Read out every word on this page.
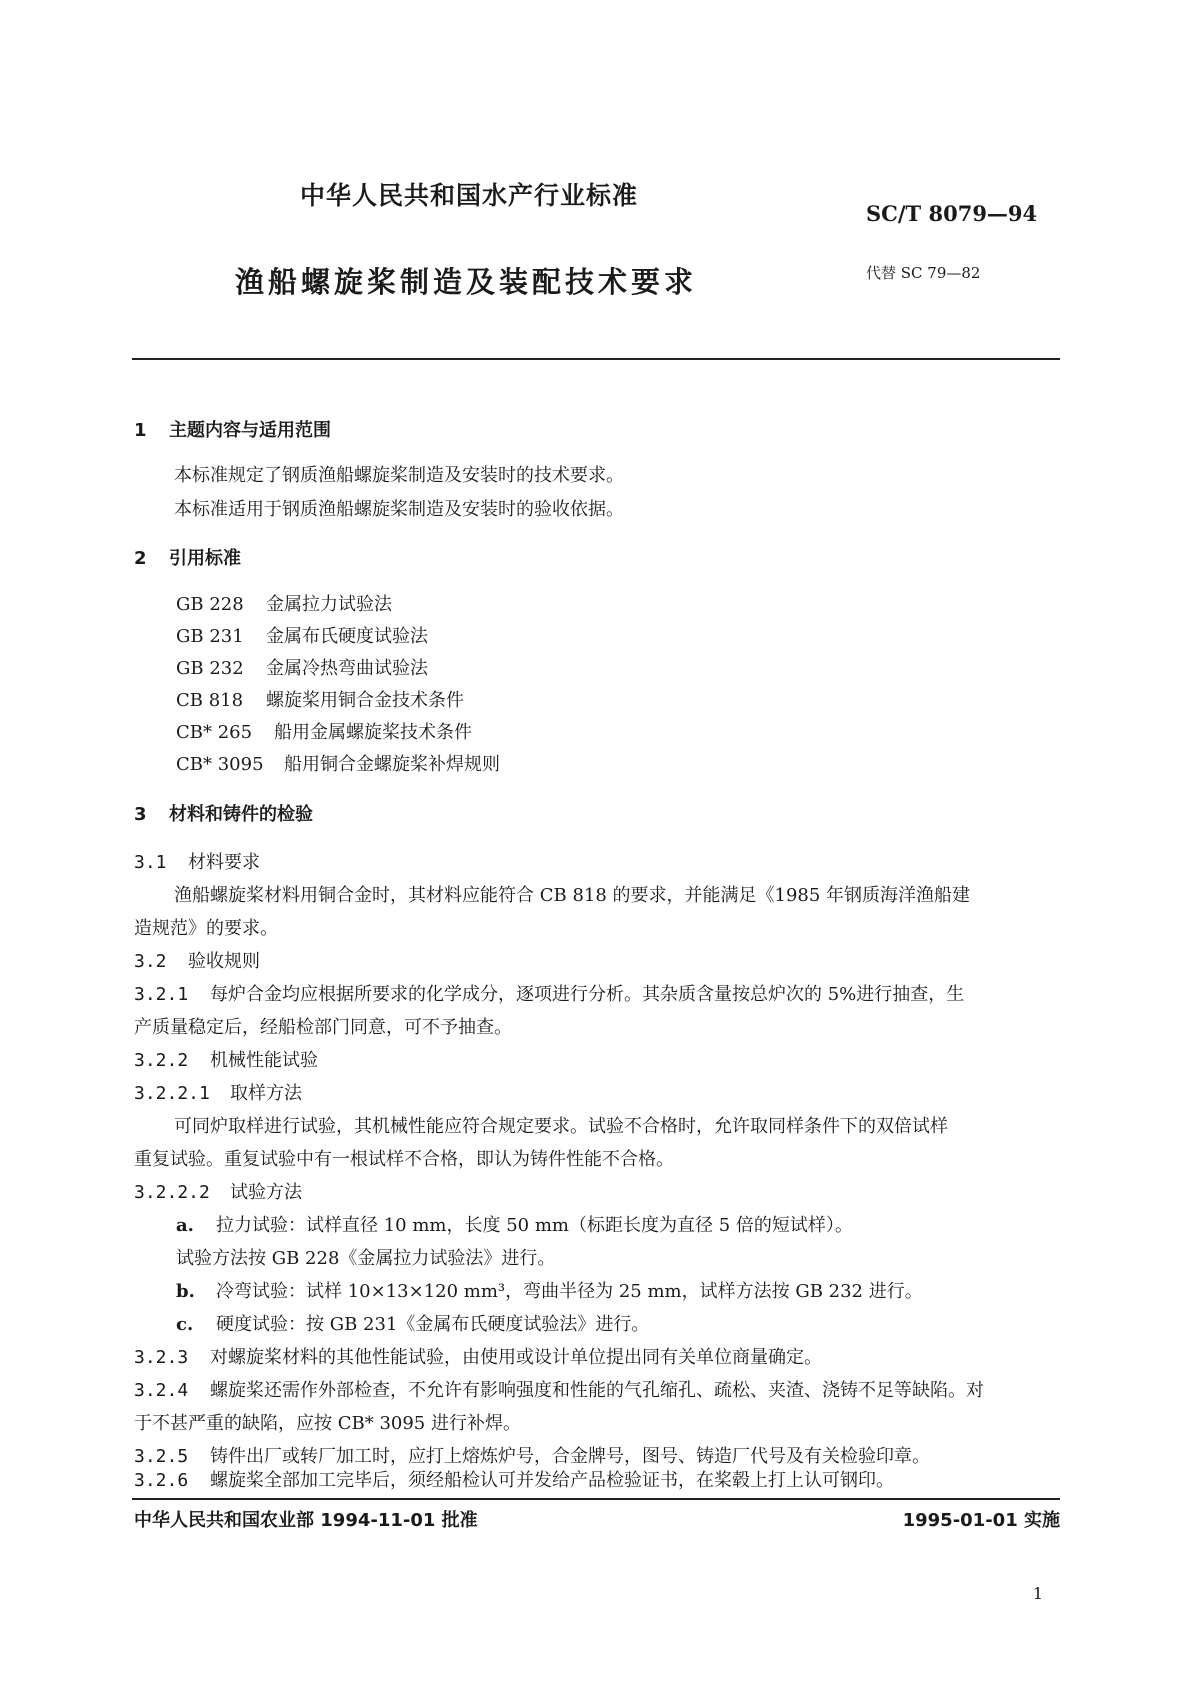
中华人民共和国水产行业标准
SC/T 8079—94
渔船螺旋桨制造及装配技术要求	代替 SC 79—82
1 主题内容与适用范围
本标准规定了钢质渔船螺旋桨制造及安装时的技术要求。
本标准适用于钢质渔船螺旋桨制造及安装时的验收依据。
2 引用标准
GB 228 金属拉力试验法
GB 231 金属布氏硬度试验法
GB 232 金属冷热弯曲试验法
CB 818 螺旋桨用铜合金技术条件
CB* 265 船用金属螺旋桨技术条件
CB* 3095 船用铜合金螺旋桨补焊规则
3 材料和铸件的检验
3.1 材料要求
渔船螺旋桨材料用铜合金时，其材料应能符合 CB 818 的要求，并能满足《1985 年钢质海洋渔船建
造规范》的要求。
3.2 验收规则
3.2.1 每炉合金均应根据所要求的化学成分，逐项进行分析。其杂质含量按总炉次的 5%进行抽查，生
产质量稳定后，经船检部门同意，可不予抽查。
3.2.2 机械性能试验
3.2.2.1 取样方法
可同炉取样进行试验，其机械性能应符合规定要求。试验不合格时，允许取同样条件下的双倍试样
重复试验。重复试验中有一根试样不合格，即认为铸件性能不合格。
3.2.2.2 试验方法
a. 拉力试验：试样直径 10 mm，长度 50 mm（标距长度为直径 5 倍的短试样）。
试验方法按 GB 228《金属拉力试验法》进行。
b. 冷弯试验：试样 10×13×120 mm³，弯曲半径为 25 mm，试样方法按 GB 232 进行。
c. 硬度试验：按 GB 231《金属布氏硬度试验法》进行。
3.2.3 对螺旋桨材料的其他性能试验，由使用或设计单位提出同有关单位商量确定。
3.2.4 螺旋桨还需作外部检查，不允许有影响强度和性能的气孔缩孔、疏松、夹渣、浇铸不足等缺陷。对
于不甚严重的缺陷，应按 CB* 3095 进行补焊。
3.2.5 铸件出厂或转厂加工时，应打上熔炼炉号，合金牌号，图号、铸造厂代号及有关检验印章。
3.2.6 螺旋桨全部加工完毕后，须经船检认可并发给产品检验证书，在桨毂上打上认可钢印。
中华人民共和国农业部 1994-11-01 批准	1995-01-01 实施
1
